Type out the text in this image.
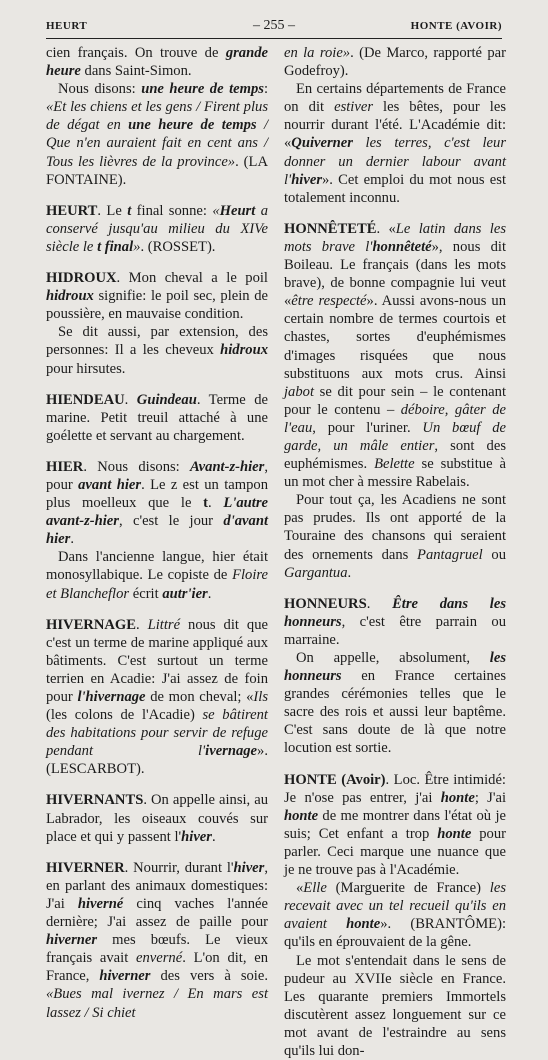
HEURT	– 255 –	HONTE (AVOIR)

cien français. On trouve de grande heure dans Saint-Simon.

Nous disons: une heure de temps: «Et les chiens et les gens / Firent plus de dégat en une heure de temps / Que n'en auraient fait en cent ans / Tous les lièvres de la province». (LA FONTAINE).

HEURT. Le t final sonne: «Heurt a conservé jusqu'au milieu du XIVe siècle le t final». (ROSSET).

HIDROUX. Mon cheval a le poil hidroux signifie: le poil sec, plein de poussière, en mauvaise condition.

Se dit aussi, par extension, des personnes: Il a les cheveux hidroux pour hirsutes.

HIENDEAU. Guindeau. Terme de marine. Petit treuil attaché à une goélette et servant au chargement.

HIER. Nous disons: Avant-z-hier, pour avant hier. Le z est un tampon plus moelleux que le t. L'autre avant-z-hier, c'est le jour d'avant hier.

Dans l'ancienne langue, hier était monosyllabique. Le copiste de Floire et Blancheflor écrit autr'ier.

HIVERNAGE. Littré nous dit que c'est un terme de marine appliqué aux bâtiments. C'est surtout un terme terrien en Acadie: J'ai assez de foin pour l'hivernage de mon cheval; «Ils (les colons de l'Acadie) se bâtirent des habitations pour servir de refuge pendant l'ivernage». (LESCARBOT).

HIVERNANTS. On appelle ainsi, au Labrador, les oiseaux couvés sur place et qui y passent l'hiver.

HIVERNER. Nourrir, durant l'hiver, en parlant des animaux domestiques: J'ai hiverné cinq vaches l'année dernière; J'ai assez de paille pour hiverner mes bœufs. Le vieux français avait enverné. L'on dit, en France, hiverner des vers à soie. «Bues mal ivernez / En mars est lassez / Si chiet

en la roie». (De Marco, rapporté par Godefroy).

En certains départements de France on dit estiver les bêtes, pour les nourrir durant l'été. L'Académie dit: «Quiverner les terres, c'est leur donner un dernier labour avant l'hiver». Cet emploi du mot nous est totalement inconnu.

HONNÊTETÉ. «Le latin dans les mots brave l'honnêteté», nous dit Boileau. Le français (dans les mots brave), de bonne compagnie lui veut «être respecté». Aussi avons-nous un certain nombre de termes courtois et chastes, sortes d'euphémismes d'images risquées que nous substituons aux mots crus. Ainsi jabot se dit pour sein – le contenant pour le contenu – déboire, gâter de l'eau, pour l'uriner. Un bœuf de garde, un mâle entier, sont des euphémismes. Belette se substitue à un mot cher à messire Rabelais.

Pour tout ça, les Acadiens ne sont pas prudes. Ils ont apporté de la Touraine des chansons qui seraient des ornements dans Pantagruel ou Gargantua.

HONNEURS. Être dans les honneurs, c'est être parrain ou marraine.

On appelle, absolument, les honneurs en France certaines grandes cérémonies telles que le sacre des rois et aussi leur baptême. C'est sans doute de là que notre locution est sortie.

HONTE (Avoir). Loc. Être intimidé: Je n'ose pas entrer, j'ai honte; J'ai honte de me montrer dans l'état où je suis; Cet enfant a trop honte pour parler. Ceci marque une nuance que je ne trouve pas à l'Académie.

«Elle (Marguerite de France) les recevait avec un tel recueil qu'ils en avaient honte». (BRANTÔME): qu'ils en éprouvaient de la gêne.

Le mot s'entendait dans le sens de pudeur au XVIIe siècle en France. Les quarante premiers Immortels discutèrent assez longuement sur ce mot avant de l'estraindre au sens qu'ils lui don-
